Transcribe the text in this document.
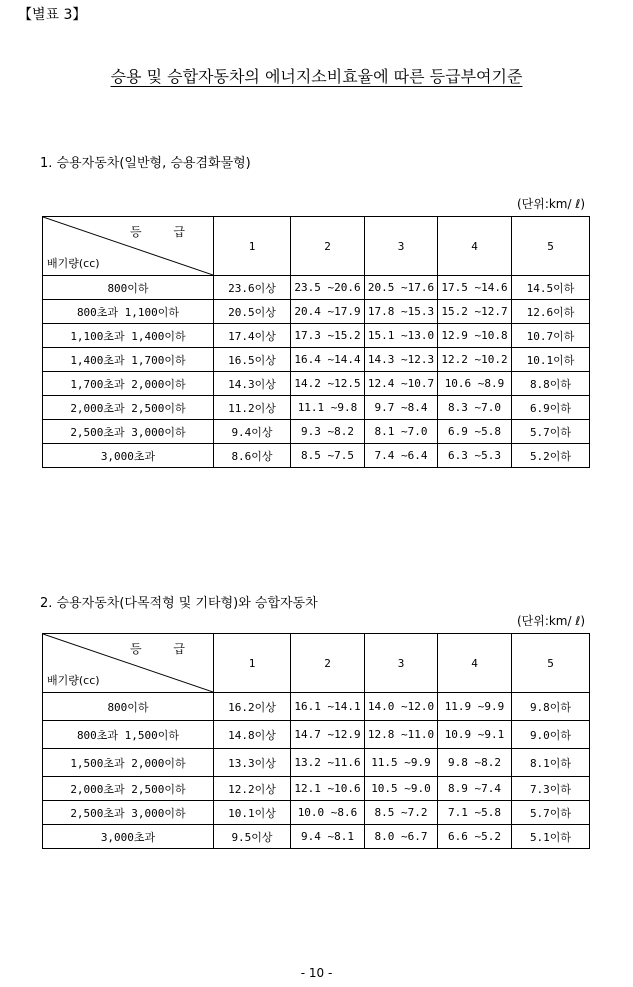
【별표 3】
승용 및 승합자동차의 에너지소비효율에 따른 등급부여기준
1. 승용자동차(일반형, 승용겸화물형)
(단위:km/ ℓ)
등 급
배기량(cc)	1	2	3	4	5
800이하	23.6이상	23.5 ~20.6	20.5 ~17.6	17.5 ~14.6	14.5이하
800초과 1,100이하	20.5이상	20.4 ~17.9	17.8 ~15.3	15.2 ~12.7	12.6이하
1,100초과 1,400이하	17.4이상	17.3 ~15.2	15.1 ~13.0	12.9 ~10.8	10.7이하
1,400초과 1,700이하	16.5이상	16.4 ~14.4	14.3 ~12.3	12.2 ~10.2	10.1이하
1,700초과 2,000이하	14.3이상	14.2 ~12.5	12.4 ~10.7	10.6 ~8.9	8.8이하
2,000초과 2,500이하	11.2이상	11.1 ~9.8	9.7 ~8.4	8.3 ~7.0	6.9이하
2,500초과 3,000이하	9.4이상	9.3 ~8.2	8.1 ~7.0	6.9 ~5.8	5.7이하
3,000초과	8.6이상	8.5 ~7.5	7.4 ~6.4	6.3 ~5.3	5.2이하
2. 승용자동차(다목적형 및 기타형)와 승합자동차
(단위:km/ ℓ)
등 급
배기량(cc)	1	2	3	4	5
800이하	16.2이상	16.1 ~14.1	14.0 ~12.0	11.9 ~9.9	9.8이하
800초과 1,500이하	14.8이상	14.7 ~12.9	12.8 ~11.0	10.9 ~9.1	9.0이하
1,500초과 2,000이하	13.3이상	13.2 ~11.6	11.5 ~9.9	9.8 ~8.2	8.1이하
2,000초과 2,500이하	12.2이상	12.1 ~10.6	10.5 ~9.0	8.9 ~7.4	7.3이하
2,500초과 3,000이하	10.1이상	10.0 ~8.6	8.5 ~7.2	7.1 ~5.8	5.7이하
3,000초과	9.5이상	9.4 ~8.1	8.0 ~6.7	6.6 ~5.2	5.1이하
- 10 -
